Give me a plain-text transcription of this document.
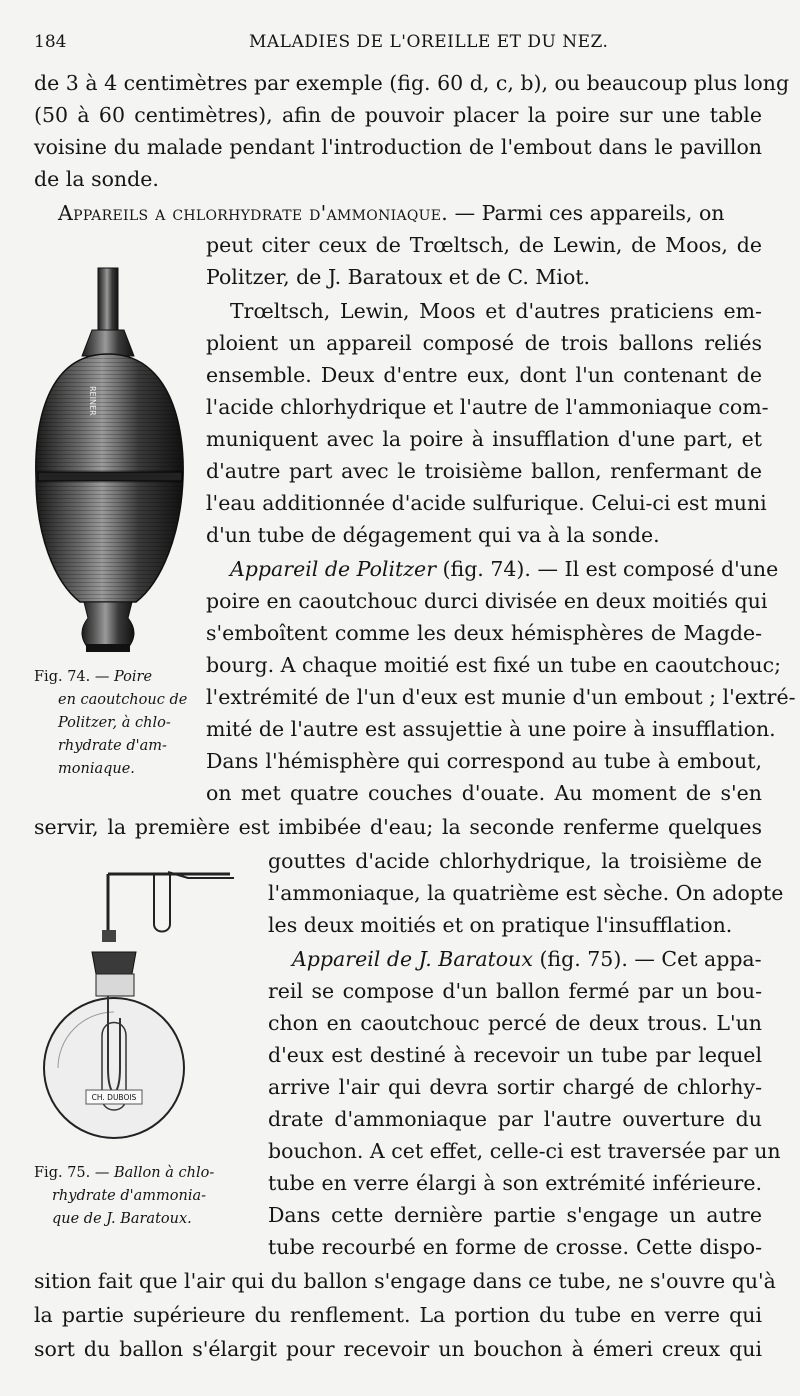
184	MALADIES DE L'OREILLE ET DU NEZ.
de 3 à 4 centimètres par exemple (fig. 60 d, c, b), ou beaucoup plus long
(50 à 60 centimètres), afin de pouvoir placer la poire sur une table
voisine du malade pendant l'introduction de l'embout dans le pavillon
de la sonde.
Appareils a chlorhydrate d'ammoniaque. — Parmi ces appareils, on
peut citer ceux de Trœltsch, de Lewin, de Moos, de
Politzer, de J. Baratoux et de C. Miot.
Trœltsch, Lewin, Moos et d'autres praticiens em-
ploient un appareil composé de trois ballons reliés
ensemble. Deux d'entre eux, dont l'un contenant de
l'acide chlorhydrique et l'autre de l'ammoniaque com-
muniquent avec la poire à insufflation d'une part, et
d'autre part avec le troisième ballon, renfermant de
l'eau additionnée d'acide sulfurique. Celui-ci est muni
d'un tube de dégagement qui va à la sonde.
Appareil de Politzer (fig. 74). — Il est composé d'une
poire en caoutchouc durci divisée en deux moitiés qui
s'emboîtent comme les deux hémisphères de Magde-
bourg. A chaque moitié est fixé un tube en caoutchouc;
l'extrémité de l'un d'eux est munie d'un embout ; l'extré-
mité de l'autre est assujettie à une poire à insufflation.
Dans l'hémisphère qui correspond au tube à embout,
on met quatre couches d'ouate. Au moment de s'en
servir, la première est imbibée d'eau; la seconde renferme quelques
gouttes d'acide chlorhydrique, la troisième de
l'ammoniaque, la quatrième est sèche. On adopte
les deux moitiés et on pratique l'insufflation.
Appareil de J. Baratoux (fig. 75). — Cet appa-
reil se compose d'un ballon fermé par un bou-
chon en caoutchouc percé de deux trous. L'un
d'eux est destiné à recevoir un tube par lequel
arrive l'air qui devra sortir chargé de chlorhy-
drate d'ammoniaque par l'autre ouverture du
bouchon. A cet effet, celle-ci est traversée par un
tube en verre élargi à son extrémité inférieure.
Dans cette dernière partie s'engage un autre
tube recourbé en forme de crosse. Cette dispo-
sition fait que l'air qui du ballon s'engage dans ce tube, ne s'ouvre qu'à
la partie supérieure du renflement. La portion du tube en verre qui
sort du ballon s'élargit pour recevoir un bouchon à émeri creux qui
REINER
Fig. 74. — Poire
en caoutchouc de
Politzer, à chlo-
rhydrate d'am-
moniaque.
CH. DUBOIS
Fig. 75. — Ballon à chlo-
rhydrate d'ammonia-
que de J. Baratoux.
